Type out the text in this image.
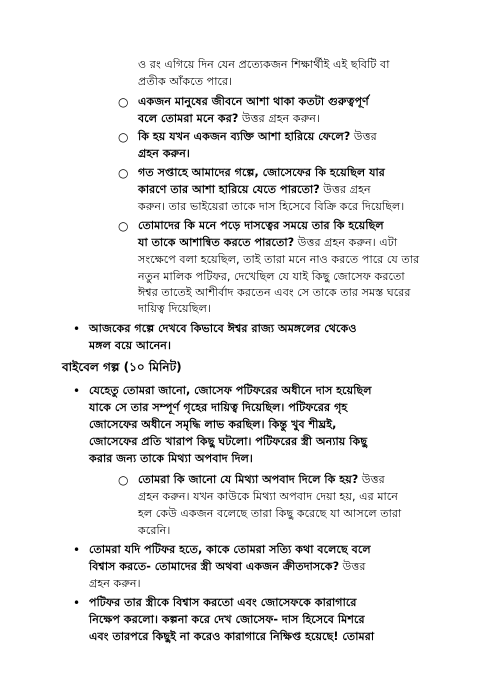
ও রং এগিয়ে দিন যেন প্রত্যেকজন শিক্ষার্থীই এই ছবিটি বা
প্রতীক আঁকতে পারে।
○ একজন মানুষের জীবনে আশা থাকা কতটা গুরুত্বপূর্ণ
বলে তোমরা মনে কর? উত্তর গ্রহন করুন।
○ কি হয় যখন একজন ব্যক্তি আশা হারিয়ে ফেলে? উত্তর
গ্রহন করুন।
○ গত সপ্তাহে আমাদের গল্পে, জোসেফের কি হয়েছিল যার
কারণে তার আশা হারিয়ে যেতে পারতো? উত্তর গ্রহন
করুন। তার ভাইয়েরা তাকে দাস হিসেবে বিক্রি করে দিয়েছিল।
○ তোমাদের কি মনে পড়ে দাসত্বের সময়ে তার কি হয়েছিল
যা তাকে আশান্বিত করতে পারতো? উত্তর গ্রহন করুন। এটা
সংক্ষেপে বলা হয়েছিল, তাই তারা মনে নাও করতে পারে যে তার
নতুন মালিক পটিফর, দেখেছিল যে যাই কিছু জোসেফ করতো
ঈশ্বর তাতেই আশীর্বাদ করতেন এবং সে তাকে তার সমস্ত ঘরের
দায়িত্ব দিয়েছিল।
• আজকের গল্পে দেখবে কিভাবে ঈশ্বর রাজ্য অমঙ্গলের থেকেও
মঙ্গল বয়ে আনেন।
বাইবেল গল্প (১০ মিনিট)
• যেহেতু তোমরা জানো, জোসেফ পটিফরের অধীনে দাস হয়েছিল
যাকে সে তার সম্পূর্ণ গৃহের দায়িত্ব দিয়েছিল। পটিফরের গৃহ
জোসেফের অধীনে সমৃদ্ধি লাভ করছিল। কিন্তু খুব শীঘ্রই,
জোসেফের প্রতি খারাপ কিছু ঘটলো। পটিফরের স্ত্রী অন্যায় কিছু
করার জন্য তাকে মিথ্যা অপবাদ দিল।
○ তোমরা কি জানো যে মিথ্যা অপবাদ দিলে কি হয়? উত্তর
গ্রহন করুন। যখন কাউকে মিথ্যা অপবাদ দেয়া হয়, এর মানে
হল কেউ একজন বলেছে তারা কিছু করেছে যা আসলে তারা
করেনি।
• তোমরা যদি পটিফর হতে, কাকে তোমরা সত্যি কথা বলেছে বলে
বিশ্বাস করতে- তোমাদের স্ত্রী অথবা একজন ক্রীতদাসকে? উত্তর
গ্রহন করুন।
• পটিফর তার স্ত্রীকে বিশ্বাস করতো এবং জোসেফকে কারাগারে
নিক্ষেপ করলো। কল্পনা করে দেখ জোসেফ- দাস হিসেবে মিশরে
এবং তারপরে কিছুই না করেও কারাগারে নিক্ষিপ্ত হয়েছে! তোমরা
